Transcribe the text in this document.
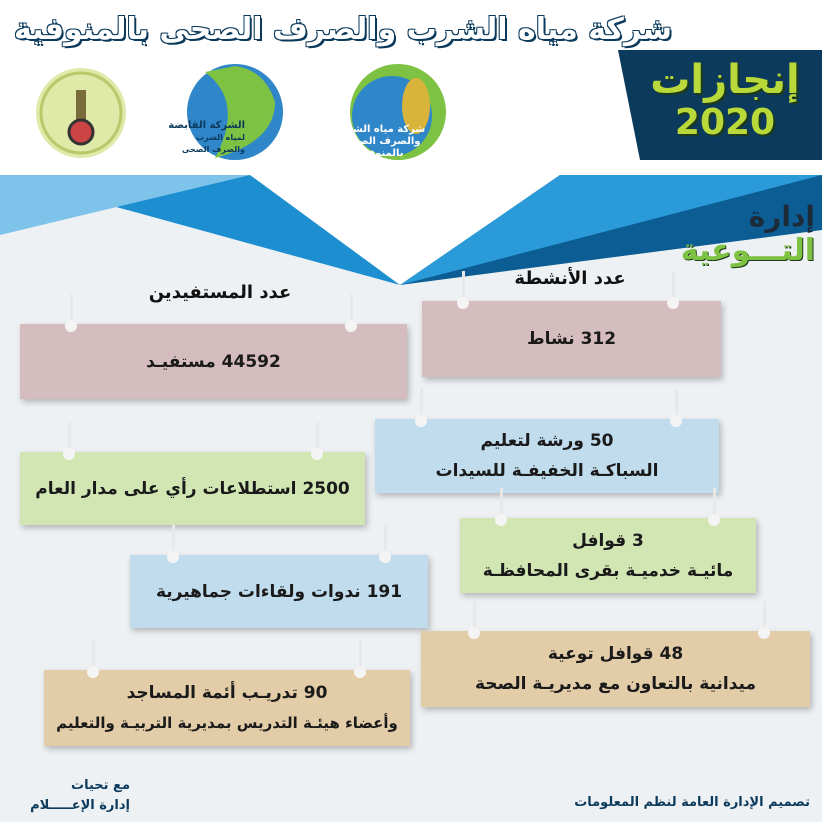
شركة مياه الشرب والصرف الصحى بالمنوفية
الشركة القابضة
لمياه الشرب والصرف الصحى
شركة مياه الشرب
والصرف الصحى بالمنوفية
إنجازات
2020
إدارة
التـــوعية
عدد الأنشطة
عدد المستفيدين
312 نشاط
44592 مستفيـد
50 ورشة لتعليم
السباكـة الخفيفـة للسيدات
2500 استطلاعات رأي على مدار العام
3 قوافل
مائيـة خدميـة بقرى المحافظـة
191 ندوات ولقاءات جماهيرية
48 قوافل توعية
ميدانية بالتعاون مع مديريـة الصحة
90 تدريـب أئمة المساجد
وأعضاء هيئـة التدريس بمديرية التربيـة والتعليم
تصميم الإدارة العامة لنظم المعلومات
مع تحيات
إدارة الإعـــــلام
